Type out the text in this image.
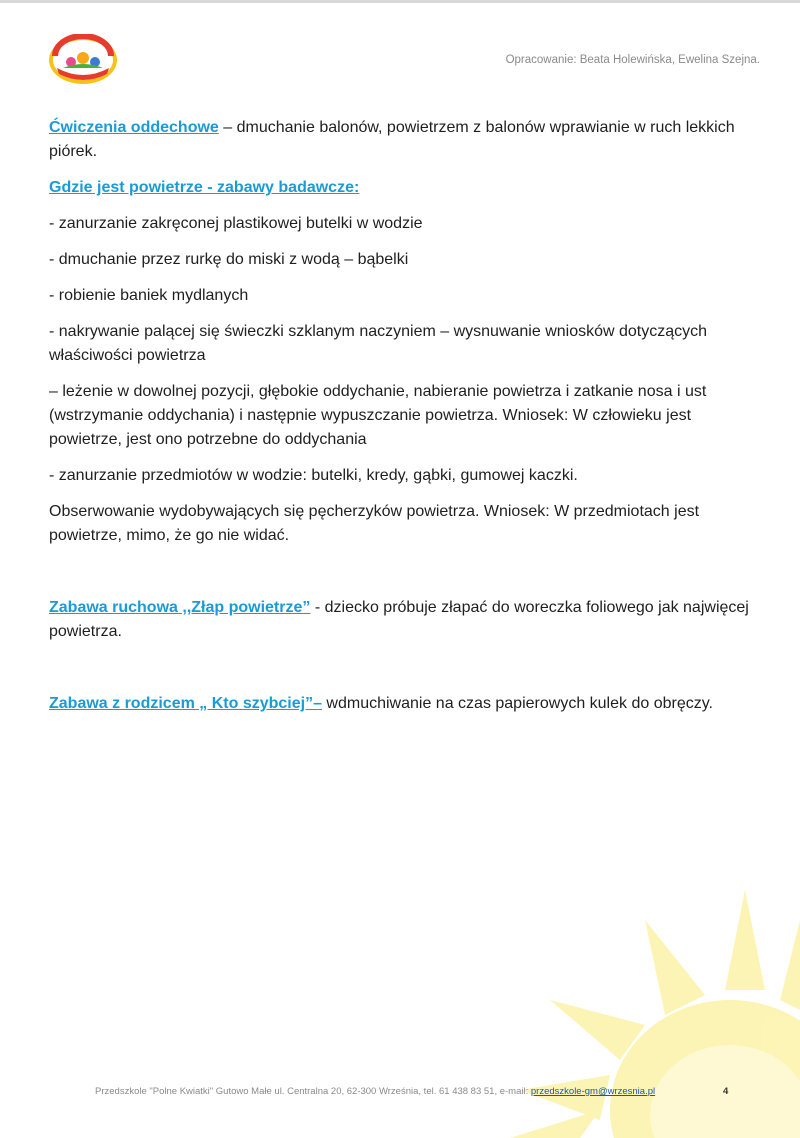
Opracowanie: Beata Holewińska, Ewelina Szejna.

Ćwiczenia oddechowe – dmuchanie balonów, powietrzem z balonów wprawianie w ruch lekkich piórek.

Gdzie jest powietrze - zabawy badawcze:

- zanurzanie zakręconej plastikowej butelki w wodzie

- dmuchanie przez rurkę do miski z wodą – bąbelki

- robienie baniek mydlanych

- nakrywanie palącej się świeczki szklanym naczyniem – wysnuwanie wniosków dotyczących właściwości powietrza

– leżenie w dowolnej pozycji, głębokie oddychanie, nabieranie powietrza i zatkanie nosa i ust (wstrzymanie oddychania) i następnie wypuszczanie powietrza. Wniosek: W człowieku jest powietrze, jest ono potrzebne do oddychania

- zanurzanie przedmiotów w wodzie: butelki, kredy, gąbki, gumowej kaczki.

Obserwowanie wydobywających się pęcherzyków powietrza. Wniosek: W przedmiotach jest powietrze, mimo, że go nie widać.

Zabawa ruchowa ,,Złap powietrze” - dziecko próbuje złapać do woreczka foliowego jak najwięcej powietrza.

Zabawa z rodzicem „ Kto szybciej”– wdmuchiwanie na czas papierowych kulek do obręczy.

Przedszkole "Polne Kwiatki" Gutowo Małe ul. Centralna 20, 62-300 Września, tel. 61 438 83 51, e-mail: przedszkole-gm@wrzesnia.pl	4
